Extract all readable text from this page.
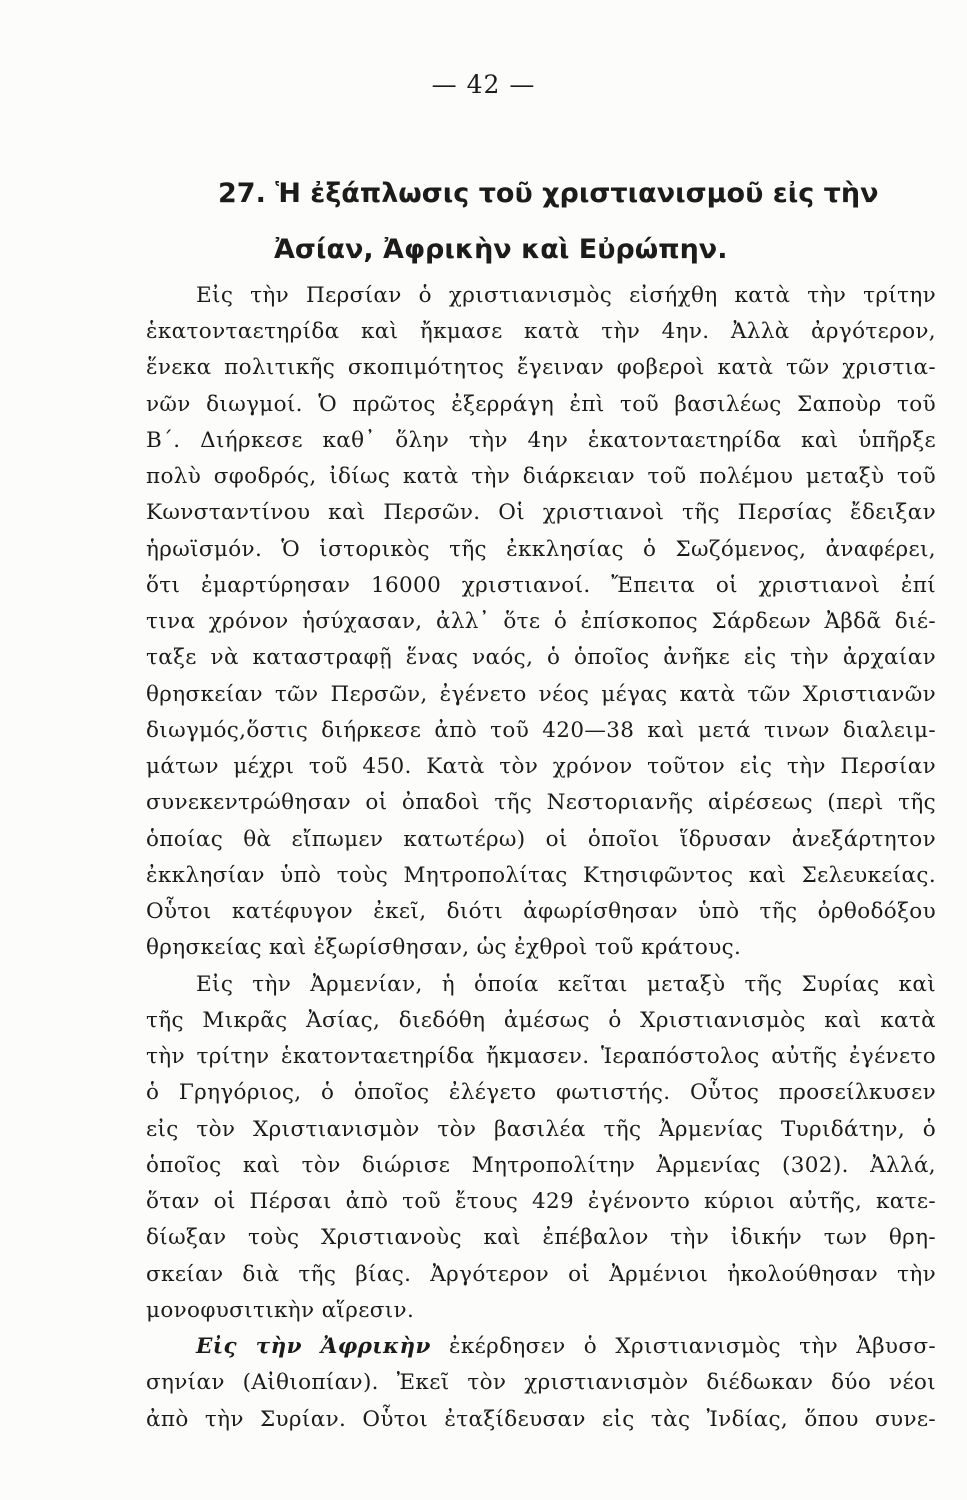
— 42 —
27. Ἡ ἐξάπλωσις τοῦ χριστιανισμοῦ εἰς τὴν
Ἀσίαν, Ἀφρικὴν καὶ Εὐρώπην.
Εἰς τὴν Περσίαν ὁ χριστιανισμὸς εἰσήχθη κατὰ τὴν τρίτην
ἑκατονταετηρίδα καὶ ἤκμασε κατὰ τὴν 4ην. Ἀλλὰ ἀργότερον,
ἕνεκα πολιτικῆς σκοπιμότητος ἔγειναν φοβεροὶ κατὰ τῶν χριστια-
νῶν διωγμοί. Ὁ πρῶτος ἐξερράγη ἐπὶ τοῦ βασιλέως Σαποὺρ τοῦ
Β΄. Διήρκεσε καθ᾿ ὅλην τὴν 4ην ἑκατονταετηρίδα καὶ ὑπῆρξε
πολὺ σφοδρός, ἰδίως κατὰ τὴν διάρκειαν τοῦ πολέμου μεταξὺ τοῦ
Κωνσταντίνου καὶ Περσῶν. Οἱ χριστιανοὶ τῆς Περσίας ἔδειξαν
ἡρωϊσμόν. Ὁ ἱστορικὸς τῆς ἐκκλησίας ὁ Σωζόμενος, ἀναφέρει,
ὅτι ἐμαρτύρησαν 16000 χριστιανοί. Ἔπειτα οἱ χριστιανοὶ ἐπί
τινα χρόνον ἡσύχασαν, ἀλλ᾿ ὅτε ὁ ἐπίσκοπος Σάρδεων Ἀβδᾶ διέ-
ταξε νὰ καταστραφῇ ἕνας ναός, ὁ ὁποῖος ἀνῆκε εἰς τὴν ἀρχαίαν
θρησκείαν τῶν Περσῶν, ἐγένετο νέος μέγας κατὰ τῶν Χριστιανῶν
διωγμός,ὅστις διήρκεσε ἀπὸ τοῦ 420—38 καὶ μετά τινων διαλειμ-
μάτων μέχρι τοῦ 450. Κατὰ τὸν χρόνον τοῦτον εἰς τὴν Περσίαν
συνεκεντρώθησαν οἱ ὀπαδοὶ τῆς Νεστοριανῆς αἱρέσεως (περὶ τῆς
ὁποίας θὰ εἴπωμεν κατωτέρω) οἱ ὁποῖοι ἵδρυσαν ἀνεξάρτητον
ἐκκλησίαν ὑπὸ τοὺς Μητροπολίτας Κτησιφῶντος καὶ Σελευκείας.
Οὗτοι κατέφυγον ἐκεῖ, διότι ἀφωρίσθησαν ὑπὸ τῆς ὀρθοδόξου
θρησκείας καὶ ἐξωρίσθησαν, ὡς ἐχθροὶ τοῦ κράτους.
Εἰς τὴν Ἀρμενίαν, ἡ ὁποία κεῖται μεταξὺ τῆς Συρίας καὶ
τῆς Μικρᾶς Ἀσίας, διεδόθη ἀμέσως ὁ Χριστιανισμὸς καὶ κατὰ
τὴν τρίτην ἑκατονταετηρίδα ἤκμασεν. Ἱεραπόστολος αὐτῆς ἐγένετο
ὁ Γρηγόριος, ὁ ὁποῖος ἐλέγετο φωτιστής. Οὗτος προσείλκυσεν
εἰς τὸν Χριστιανισμὸν τὸν βασιλέα τῆς Ἀρμενίας Τυριδάτην, ὁ
ὁποῖος καὶ τὸν διώρισε Μητροπολίτην Ἀρμενίας (302). Ἀλλά,
ὅταν οἱ Πέρσαι ἀπὸ τοῦ ἔτους 429 ἐγένοντο κύριοι αὐτῆς, κατε-
δίωξαν τοὺς Χριστιανοὺς καὶ ἐπέβαλον τὴν ἰδικήν των θρη-
σκείαν διὰ τῆς βίας. Ἀργότερον οἱ Ἀρμένιοι ἠκολούθησαν τὴν
μονοφυσιτικὴν αἵρεσιν.
Εἰς τὴν Ἀφρικὴν ἐκέρδησεν ὁ Χριστιανισμὸς τὴν Ἀβυσσ-
σηνίαν (Αἰθιοπίαν). Ἐκεῖ τὸν χριστιανισμὸν διέδωκαν δύο νέοι
ἀπὸ τὴν Συρίαν. Οὗτοι ἐταξίδευσαν εἰς τὰς Ἰνδίας, ὅπου συνε-
